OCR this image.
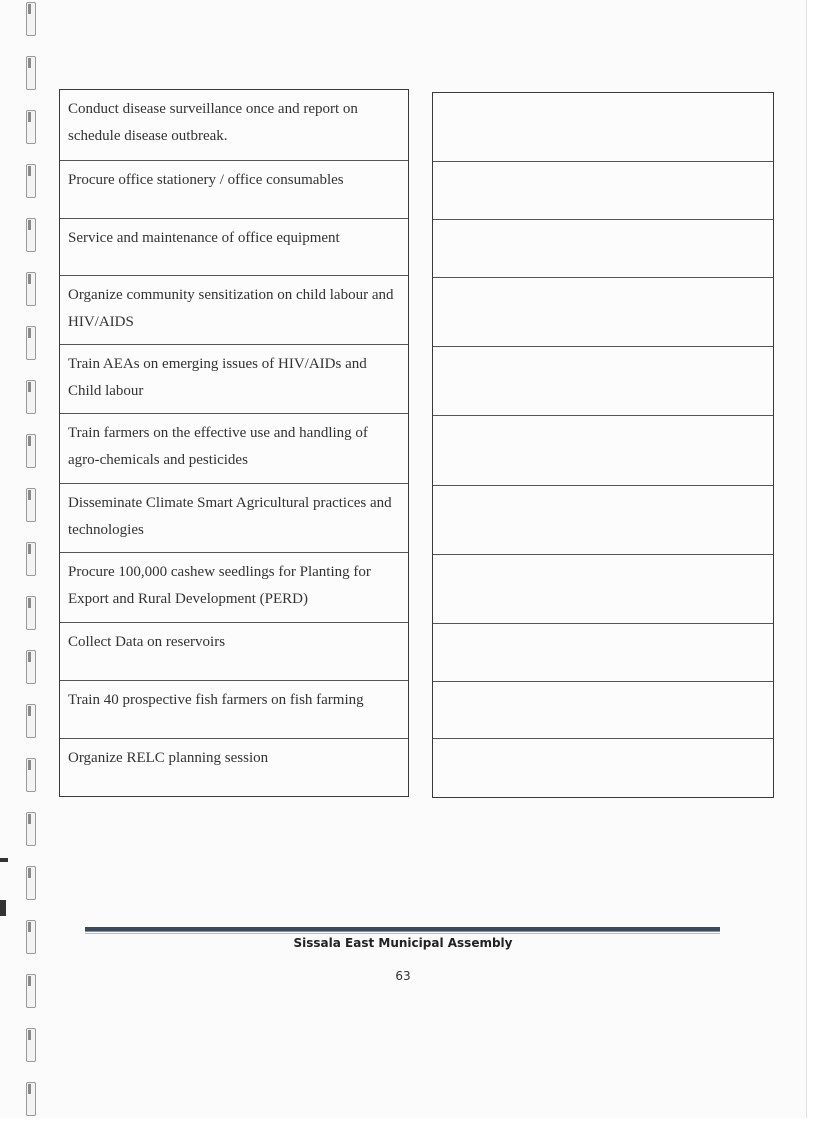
Conduct disease surveillance once and report on schedule disease outbreak.
Procure office stationery / office consumables
Service and maintenance of office equipment
Organize community sensitization on child labour and HIV/AIDS
Train AEAs on emerging issues of HIV/AIDs and Child labour
Train farmers on the effective use and handling of agro-chemicals and pesticides
Disseminate Climate Smart Agricultural practices and technologies
Procure 100,000 cashew seedlings for Planting for Export and Rural Development (PERD)
Collect Data on reservoirs
Train 40 prospective fish farmers on fish farming
Organize RELC planning session
Sissala East Municipal Assembly
63
